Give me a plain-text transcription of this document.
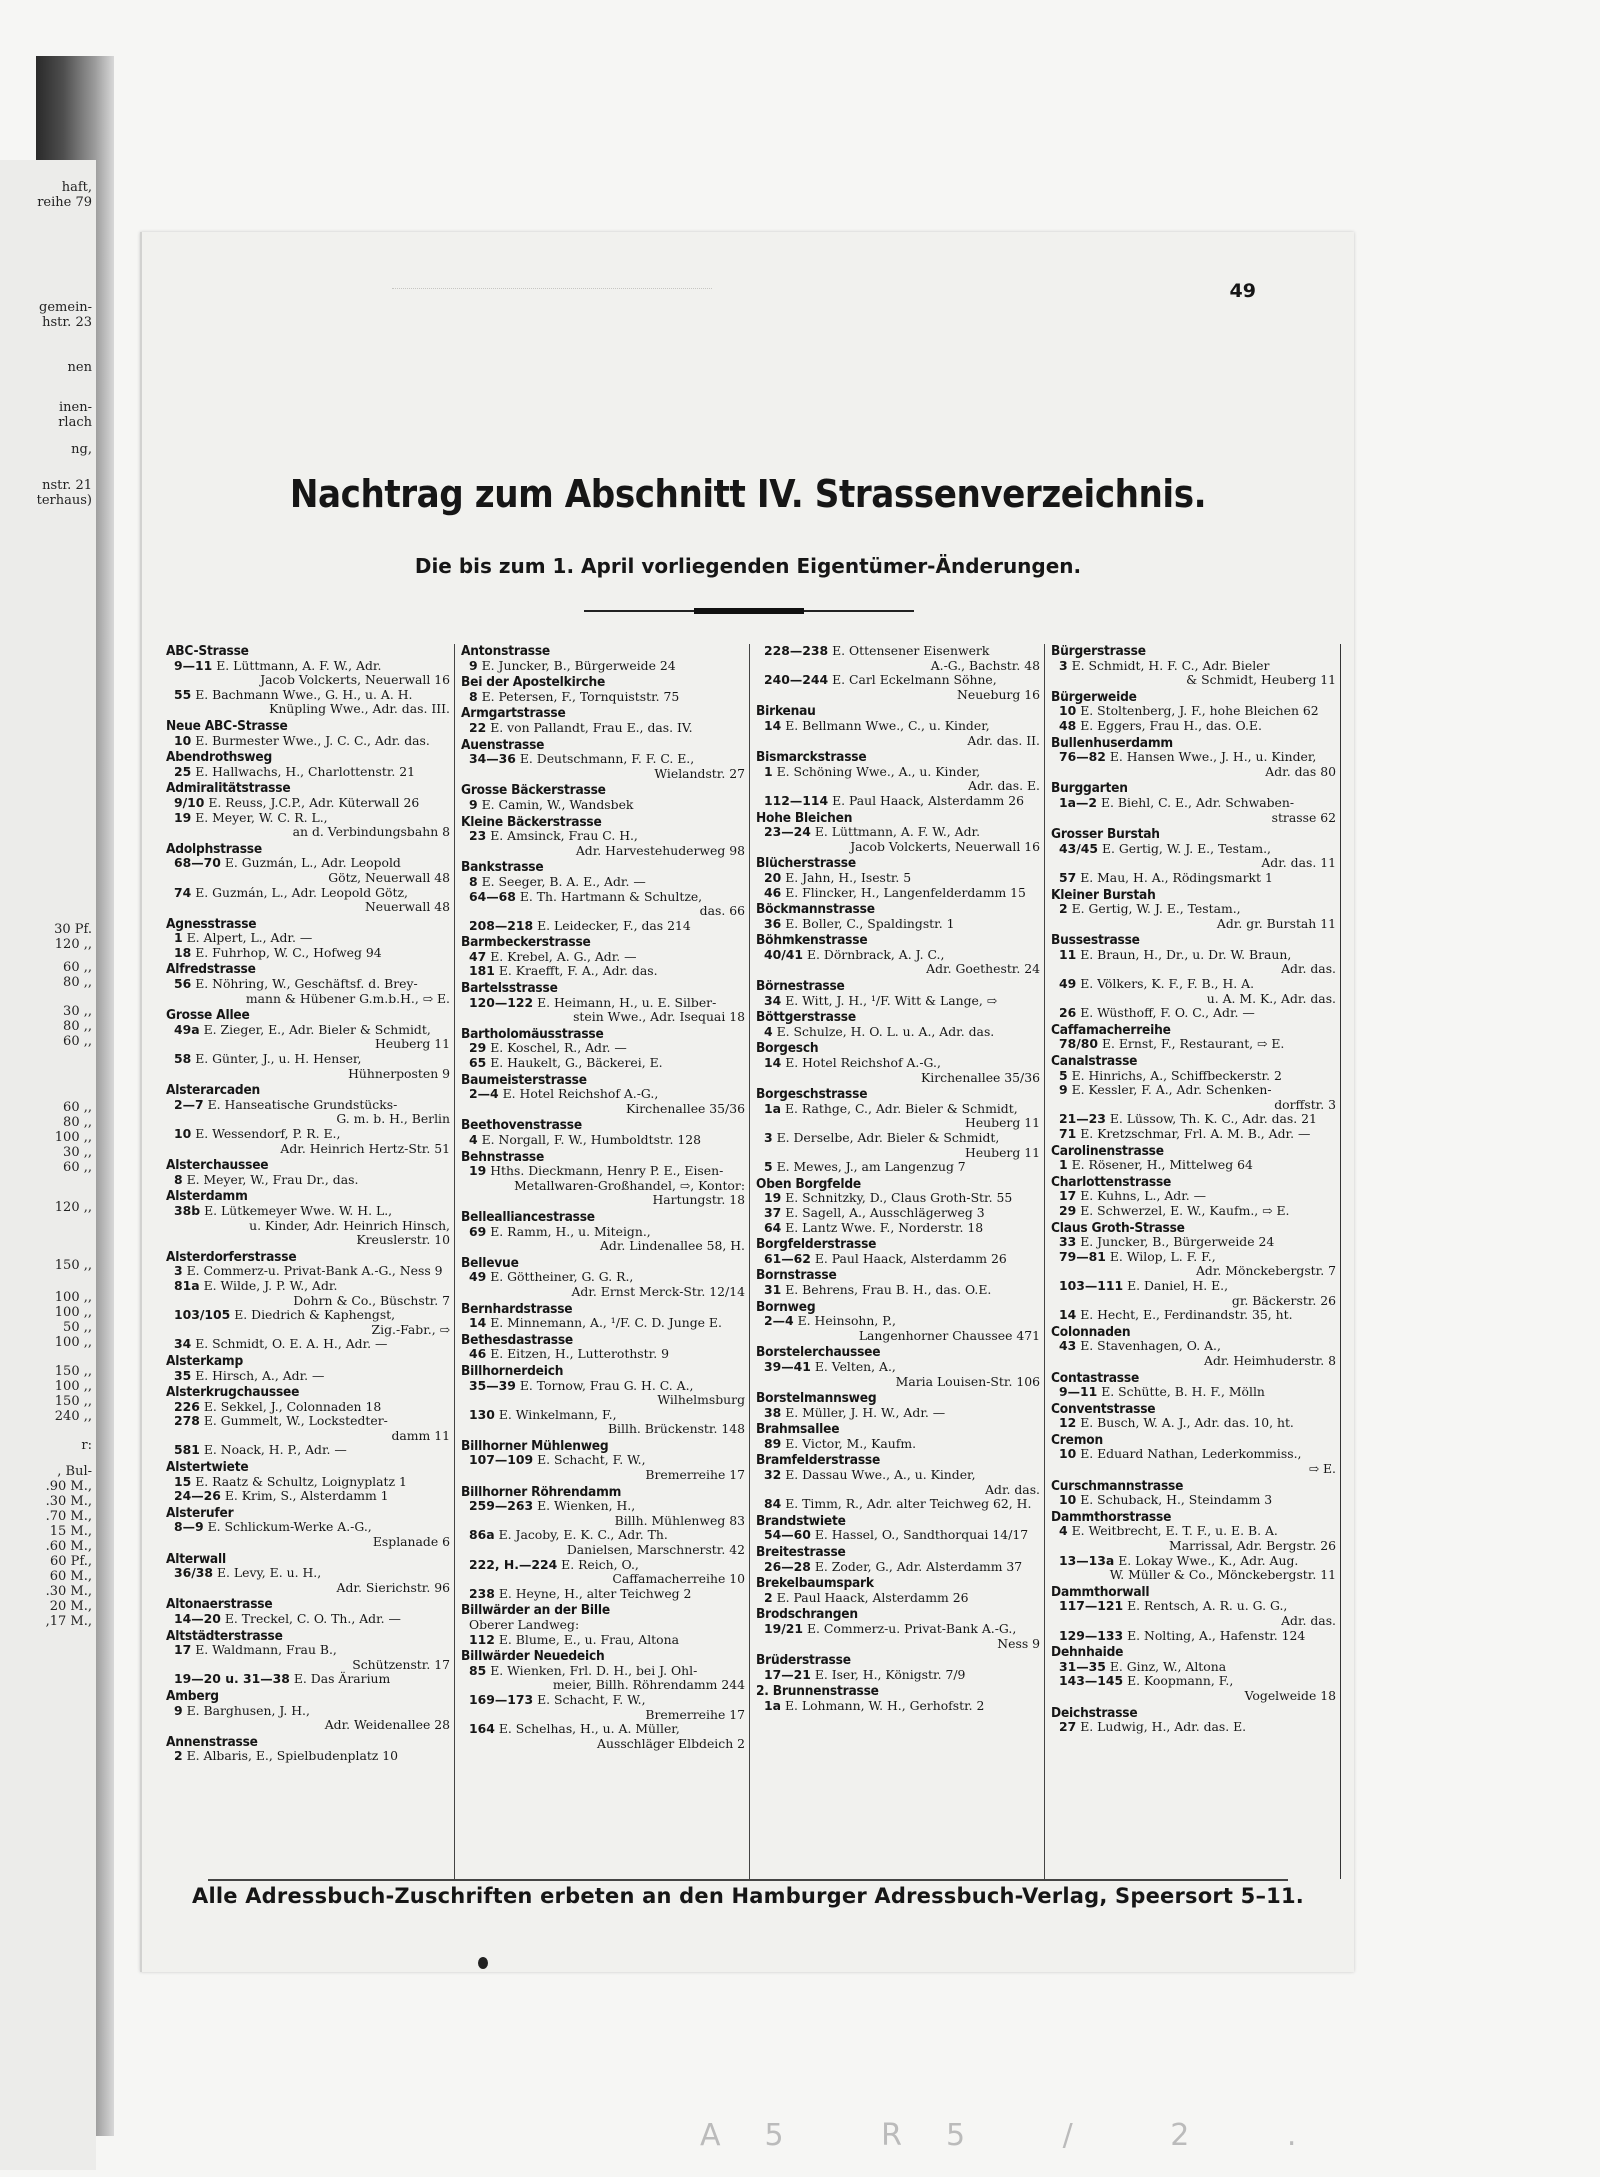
haft,
reihe 79
gemein-
hstr. 23
nen
inen-
rlach
ng,
nstr. 21
terhaus)
30 Pf.
120 ,,
60 ,,
80 ,,
30 ,,
80 ,,
60 ,,
60 ,,
80 ,,
100 ,,
30 ,,
60 ,,
120 ,,
150 ,,
100 ,,
100 ,,
50 ,,
100 ,,
150 ,,
100 ,,
150 ,,
240 ,,
r:
, Bul-
.90 M.,
.30 M.,
.70 M.,
15 M.,
.60 M.,
60 Pf.,
60 M.,
.30 M.,
20 M.,
,17 M.,
49
Nachtrag zum Abschnitt IV. Strassenverzeichnis.
Die bis zum 1. April vorliegenden Eigentümer-Änderungen.
ABC-Strasse
9—11 E. Lüttmann, A. F. W., Adr.
Jacob Volckerts, Neuerwall 16
55 E. Bachmann Wwe., G. H., u. A. H.
Knüpling Wwe., Adr. das. III.
Neue ABC-Strasse
10 E. Burmester Wwe., J. C. C., Adr. das.
Abendrothsweg
25 E. Hallwachs, H., Charlottenstr. 21
Admiralitätstrasse
9/10 E. Reuss, J.C.P., Adr. Küterwall 26
19 E. Meyer, W. C. R. L.,
an d. Verbindungsbahn 8
Adolphstrasse
68—70 E. Guzmán, L., Adr. Leopold
Götz, Neuerwall 48
74 E. Guzmán, L., Adr. Leopold Götz,
Neuerwall 48
Agnesstrasse
1 E. Alpert, L., Adr. —
18 E. Fuhrhop, W. C., Hofweg 94
Alfredstrasse
56 E. Nöhring, W., Geschäftsf. d. Brey-
mann & Hübener G.m.b.H., ⇨ E.
Grosse Allee
49a E. Zieger, E., Adr. Bieler & Schmidt,
Heuberg 11
58 E. Günter, J., u. H. Henser,
Hühnerposten 9
Alsterarcaden
2—7 E. Hanseatische Grundstücks-
G. m. b. H., Berlin
10 E. Wessendorf, P. R. E.,
Adr. Heinrich Hertz-Str. 51
Alsterchaussee
8 E. Meyer, W., Frau Dr., das.
Alsterdamm
38b E. Lütkemeyer Wwe. W. H. L.,
u. Kinder, Adr. Heinrich Hinsch, Kreuslerstr. 10
Alsterdorferstrasse
3 E. Commerz-u. Privat-Bank A.-G., Ness 9
81a E. Wilde, J. P. W., Adr.
Dohrn & Co., Büschstr. 7
103/105 E. Diedrich & Kaphengst,
Zig.-Fabr., ⇨
34 E. Schmidt, O. E. A. H., Adr. —
Alsterkamp
35 E. Hirsch, A., Adr. —
Alsterkrugchaussee
226 E. Sekkel, J., Colonnaden 18
278 E. Gummelt, W., Lockstedter-
damm 11
581 E. Noack, H. P., Adr. —
Alstertwiete
15 E. Raatz & Schultz, Loignyplatz 1
24—26 E. Krim, S., Alsterdamm 1
Alsterufer
8—9 E. Schlickum-Werke A.-G.,
Esplanade 6
Alterwall
36/38 E. Levy, E. u. H.,
Adr. Sierichstr. 96
Altonaerstrasse
14—20 E. Treckel, C. O. Th., Adr. —
Altstädterstrasse
17 E. Waldmann, Frau B.,
Schützenstr. 17
19—20 u. 31—38 E. Das Ärarium
Amberg
9 E. Barghusen, J. H.,
Adr. Weidenallee 28
Annenstrasse
2 E. Albaris, E., Spielbudenplatz 10
Antonstrasse
9 E. Juncker, B., Bürgerweide 24
Bei der Apostelkirche
8 E. Petersen, F., Tornquiststr. 75
Armgartstrasse
22 E. von Pallandt, Frau E., das. IV.
Auenstrasse
34—36 E. Deutschmann, F. F. C. E.,
Wielandstr. 27
Grosse Bäckerstrasse
9 E. Camin, W., Wandsbek
Kleine Bäckerstrasse
23 E. Amsinck, Frau C. H.,
Adr. Harvestehuderweg 98
Bankstrasse
8 E. Seeger, B. A. E., Adr. —
64—68 E. Th. Hartmann & Schultze,
das. 66
208—218 E. Leidecker, F., das 214
Barmbeckerstrasse
47 E. Krebel, A. G., Adr. —
181 E. Kraefft, F. A., Adr. das.
Bartelsstrasse
120—122 E. Heimann, H., u. E. Silber-
stein Wwe., Adr. Isequai 18
Bartholomäusstrasse
29 E. Koschel, R., Adr. —
65 E. Haukelt, G., Bäckerei, E.
Baumeisterstrasse
2—4 E. Hotel Reichshof A.-G.,
Kirchenallee 35/36
Beethovenstrasse
4 E. Norgall, F. W., Humboldtstr. 128
Behnstrasse
19 Hths. Dieckmann, Henry P. E., Eisen-
Metallwaren-Großhandel, ⇨, Kontor: Hartungstr. 18
Bellealliancestrasse
69 E. Ramm, H., u. Miteign.,
Adr. Lindenallee 58, H.
Bellevue
49 E. Göttheiner, G. G. R.,
Adr. Ernst Merck-Str. 12/14
Bernhardstrasse
14 E. Minnemann, A., ¹/F. C. D. Junge E.
Bethesdastrasse
46 E. Eitzen, H., Lutterothstr. 9
Billhornerdeich
35—39 E. Tornow, Frau G. H. C. A.,
Wilhelmsburg
130 E. Winkelmann, F.,
Billh. Brückenstr. 148
Billhorner Mühlenweg
107—109 E. Schacht, F. W.,
Bremerreihe 17
Billhorner Röhrendamm
259—263 E. Wienken, H.,
Billh. Mühlenweg 83
86a E. Jacoby, E. K. C., Adr. Th.
Danielsen, Marschnerstr. 42
222, H.—224 E. Reich, O.,
Caffamacherreihe 10
238 E. Heyne, H., alter Teichweg 2
Billwärder an der Bille
Oberer Landweg:
112 E. Blume, E., u. Frau, Altona
Billwärder Neuedeich
85 E. Wienken, Frl. D. H., bei J. Ohl-
meier, Billh. Röhrendamm 244
169—173 E. Schacht, F. W.,
Bremerreihe 17
164 E. Schelhas, H., u. A. Müller,
Ausschläger Elbdeich 2
228—238 E. Ottensener Eisenwerk
A.-G., Bachstr. 48
240—244 E. Carl Eckelmann Söhne,
Neueburg 16
Birkenau
14 E. Bellmann Wwe., C., u. Kinder,
Adr. das. II.
Bismarckstrasse
1 E. Schöning Wwe., A., u. Kinder,
Adr. das. E.
112—114 E. Paul Haack, Alsterdamm 26
Hohe Bleichen
23—24 E. Lüttmann, A. F. W., Adr.
Jacob Volckerts, Neuerwall 16
Blücherstrasse
20 E. Jahn, H., Isestr. 5
46 E. Flincker, H., Langenfelderdamm 15
Böckmannstrasse
36 E. Boller, C., Spaldingstr. 1
Böhmkenstrasse
40/41 E. Dörnbrack, A. J. C.,
Adr. Goethestr. 24
Börnestrasse
34 E. Witt, J. H., ¹/F. Witt & Lange, ⇨
Böttgerstrasse
4 E. Schulze, H. O. L. u. A., Adr. das.
Borgesch
14 E. Hotel Reichshof A.-G.,
Kirchenallee 35/36
Borgeschstrasse
1a E. Rathge, C., Adr. Bieler & Schmidt,
Heuberg 11
3 E. Derselbe, Adr. Bieler & Schmidt,
Heuberg 11
5 E. Mewes, J., am Langenzug 7
Oben Borgfelde
19 E. Schnitzky, D., Claus Groth-Str. 55
37 E. Sagell, A., Ausschlägerweg 3
64 E. Lantz Wwe. F., Norderstr. 18
Borgfelderstrasse
61—62 E. Paul Haack, Alsterdamm 26
Bornstrasse
31 E. Behrens, Frau B. H., das. O.E.
Bornweg
2—4 E. Heinsohn, P.,
Langenhorner Chaussee 471
Borstelerchaussee
39—41 E. Velten, A.,
Maria Louisen-Str. 106
Borstelmannsweg
38 E. Müller, J. H. W., Adr. —
Brahmsallee
89 E. Victor, M., Kaufm.
Bramfelderstrasse
32 E. Dassau Wwe., A., u. Kinder,
Adr. das.
84 E. Timm, R., Adr. alter Teichweg 62, H.
Brandstwiete
54—60 E. Hassel, O., Sandthorquai 14/17
Breitestrasse
26—28 E. Zoder, G., Adr. Alsterdamm 37
Brekelbaumspark
2 E. Paul Haack, Alsterdamm 26
Brodschrangen
19/21 E. Commerz-u. Privat-Bank A.-G.,
Ness 9
Brüderstrasse
17—21 E. Iser, H., Königstr. 7/9
2. Brunnenstrasse
1a E. Lohmann, W. H., Gerhofstr. 2
Bürgerstrasse
3 E. Schmidt, H. F. C., Adr. Bieler
& Schmidt, Heuberg 11
Bürgerweide
10 E. Stoltenberg, J. F., hohe Bleichen 62
48 E. Eggers, Frau H., das. O.E.
Bullenhuserdamm
76—82 E. Hansen Wwe., J. H., u. Kinder,
Adr. das 80
Burggarten
1a—2 E. Biehl, C. E., Adr. Schwaben-
strasse 62
Grosser Burstah
43/45 E. Gertig, W. J. E., Testam.,
Adr. das. 11
57 E. Mau, H. A., Rödingsmarkt 1
Kleiner Burstah
2 E. Gertig, W. J. E., Testam.,
Adr. gr. Burstah 11
Bussestrasse
11 E. Braun, H., Dr., u. Dr. W. Braun,
Adr. das.
49 E. Völkers, K. F., F. B., H. A.
u. A. M. K., Adr. das.
26 E. Wüsthoff, F. O. C., Adr. —
Caffamacherreihe
78/80 E. Ernst, F., Restaurant, ⇨ E.
Canalstrasse
5 E. Hinrichs, A., Schiffbeckerstr. 2
9 E. Kessler, F. A., Adr. Schenken-
dorffstr. 3
21—23 E. Lüssow, Th. K. C., Adr. das. 21
71 E. Kretzschmar, Frl. A. M. B., Adr. —
Carolinenstrasse
1 E. Rösener, H., Mittelweg 64
Charlottenstrasse
17 E. Kuhns, L., Adr. —
29 E. Schwerzel, E. W., Kaufm., ⇨ E.
Claus Groth-Strasse
33 E. Juncker, B., Bürgerweide 24
79—81 E. Wilop, L. F. F.,
Adr. Mönckebergstr. 7
103—111 E. Daniel, H. E.,
gr. Bäckerstr. 26
14 E. Hecht, E., Ferdinandstr. 35, ht.
Colonnaden
43 E. Stavenhagen, O. A.,
Adr. Heimhuderstr. 8
Contastrasse
9—11 E. Schütte, B. H. F., Mölln
Conventstrasse
12 E. Busch, W. A. J., Adr. das. 10, ht.
Cremon
10 E. Eduard Nathan, Lederkommiss.,
⇨ E.
Curschmannstrasse
10 E. Schuback, H., Steindamm 3
Dammthorstrasse
4 E. Weitbrecht, E. T. F., u. E. B. A.
Marrissal, Adr. Bergstr. 26
13—13a E. Lokay Wwe., K., Adr. Aug.
W. Müller & Co., Mönckebergstr. 11
Dammthorwall
117—121 E. Rentsch, A. R. u. G. G.,
Adr. das.
129—133 E. Nolting, A., Hafenstr. 124
Dehnhaide
31—35 E. Ginz, W., Altona
143—145 E. Koopmann, F.,
Vogelweide 18
Deichstrasse
27 E. Ludwig, H., Adr. das. E.
Alle Adressbuch-Zuschriften erbeten an den Hamburger Adressbuch-Verlag, Speersort 5–11.
A5 R5 / 2 .
